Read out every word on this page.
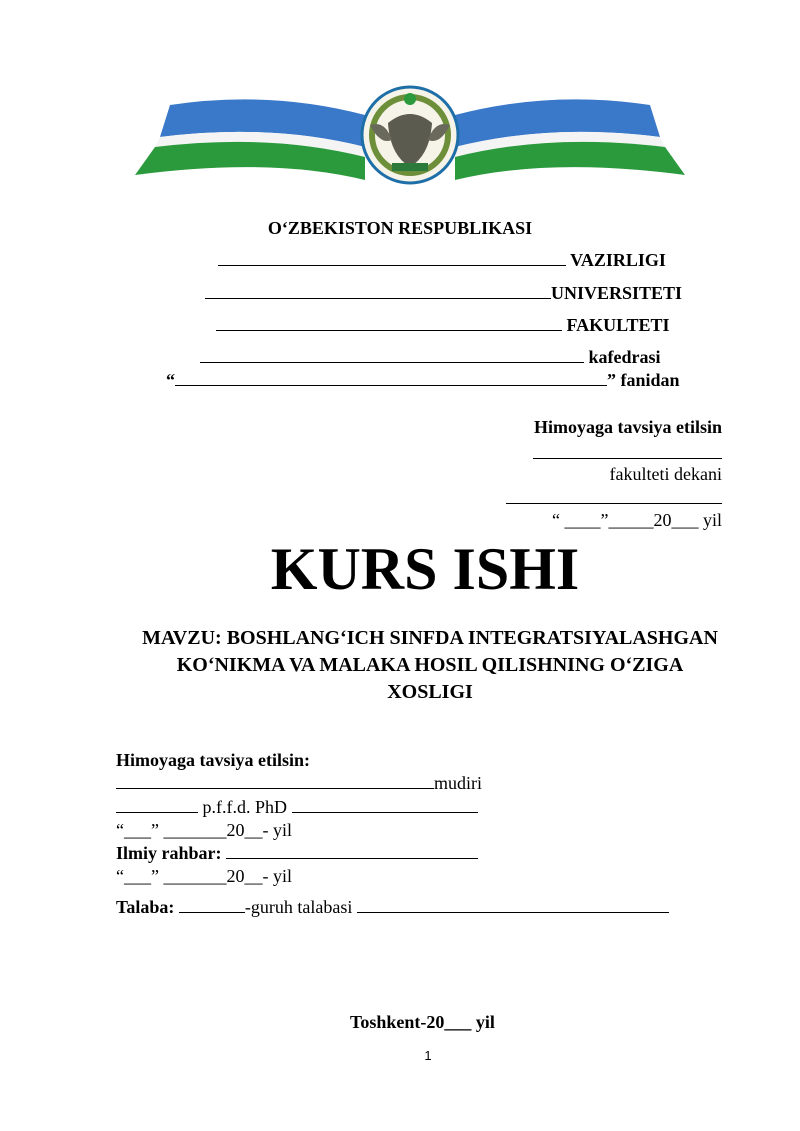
O‘ZBEKISTON RESPUBLIKASI
VAZIRLIGI
UNIVERSITETI
FAKULTETI
kafedrasi
“	” fanidan
Himoyaga tavsiya etilsin
fakulteti dekani
“ ____”_____20___ yil
KURS ISHI
MAVZU: BOSHLANG‘ICH SINFDA INTEGRATSIYALASHGAN
KO‘NIKMA VA MALAKA HOSIL QILISHNING O‘ZIGA
XOSLIGI
Himoyaga tavsiya etilsin:
mudiri
p.f.f.d. PhD
“___” _______20__- yil
Ilmiy rahbar:
“___” _______20__- yil
Talaba:	-guruh talabasi
Toshkent-20___ yil
1
